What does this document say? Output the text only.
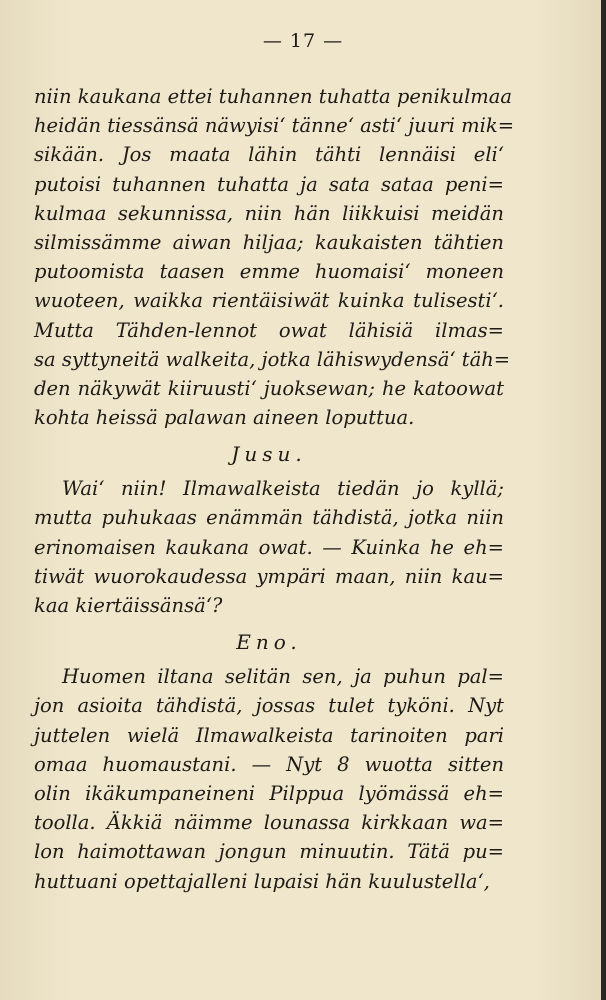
— 17 —
niin kaukana ettei tuhannen tuhatta penikulmaa
heidän tiessänsä näwyisi‘ tänne‘ asti‘ juuri mik=
sikään. Jos maata lähin tähti lennäisi eli‘
putoisi tuhannen tuhatta ja sata sataa peni=
kulmaa sekunnissa, niin hän liikkuisi meidän
silmissämme aiwan hiljaa; kaukaisten tähtien
putoomista taasen emme huomaisi‘ moneen
wuoteen, waikka rientäisiwät kuinka tulisesti‘.
Mutta Tähden-lennot owat lähisiä ilmas=
sa syttyneitä walkeita, jotka lähiswydensä‘ täh=
den näkywät kiiruusti‘ juoksewan; he katoowat
kohta heissä palawan aineen loputtua.
Jusu.
Wai‘ niin! Ilmawalkeista tiedän jo kyllä;
mutta puhukaas enämmän tähdistä, jotka niin
erinomaisen kaukana owat. — Kuinka he eh=
tiwät wuorokaudessa ympäri maan, niin kau=
kaa kiertäissänsä‘?
Eno.
Huomen iltana selitän sen, ja puhun pal=
jon asioita tähdistä, jossas tulet tykönі. Nyt
juttelen wielä Ilmawalkeista tarinoiten pari
omaa huomaustani. — Nyt 8 wuotta sitten
olin ikäkumpaneineni Pilppua lyömässä eh=
toolla. Äkkiä näimme lounassa kirkkaan wa=
lon haimottawan jongun minuutin. Tätä pu=
huttuani opettajalleni lupaisi hän kuulustella‘,
